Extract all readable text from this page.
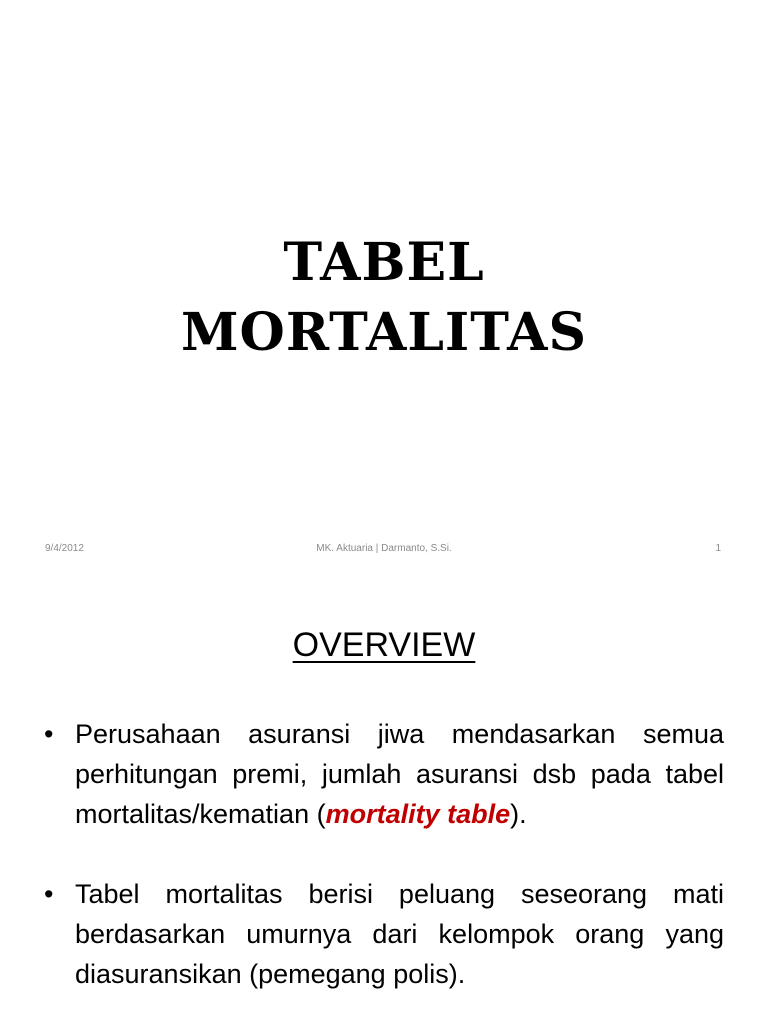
TABEL
MORTALITAS
9/4/2012	MK. Aktuaria | Darmanto, S.Si.	1
OVERVIEW
• Perusahaan asuransi jiwa mendasarkan semua perhitungan premi, jumlah asuransi dsb pada tabel mortalitas/kematian (mortality table).
• Tabel mortalitas berisi peluang seseorang mati berdasarkan umurnya dari kelompok orang yang diasuransikan (pemegang polis).
